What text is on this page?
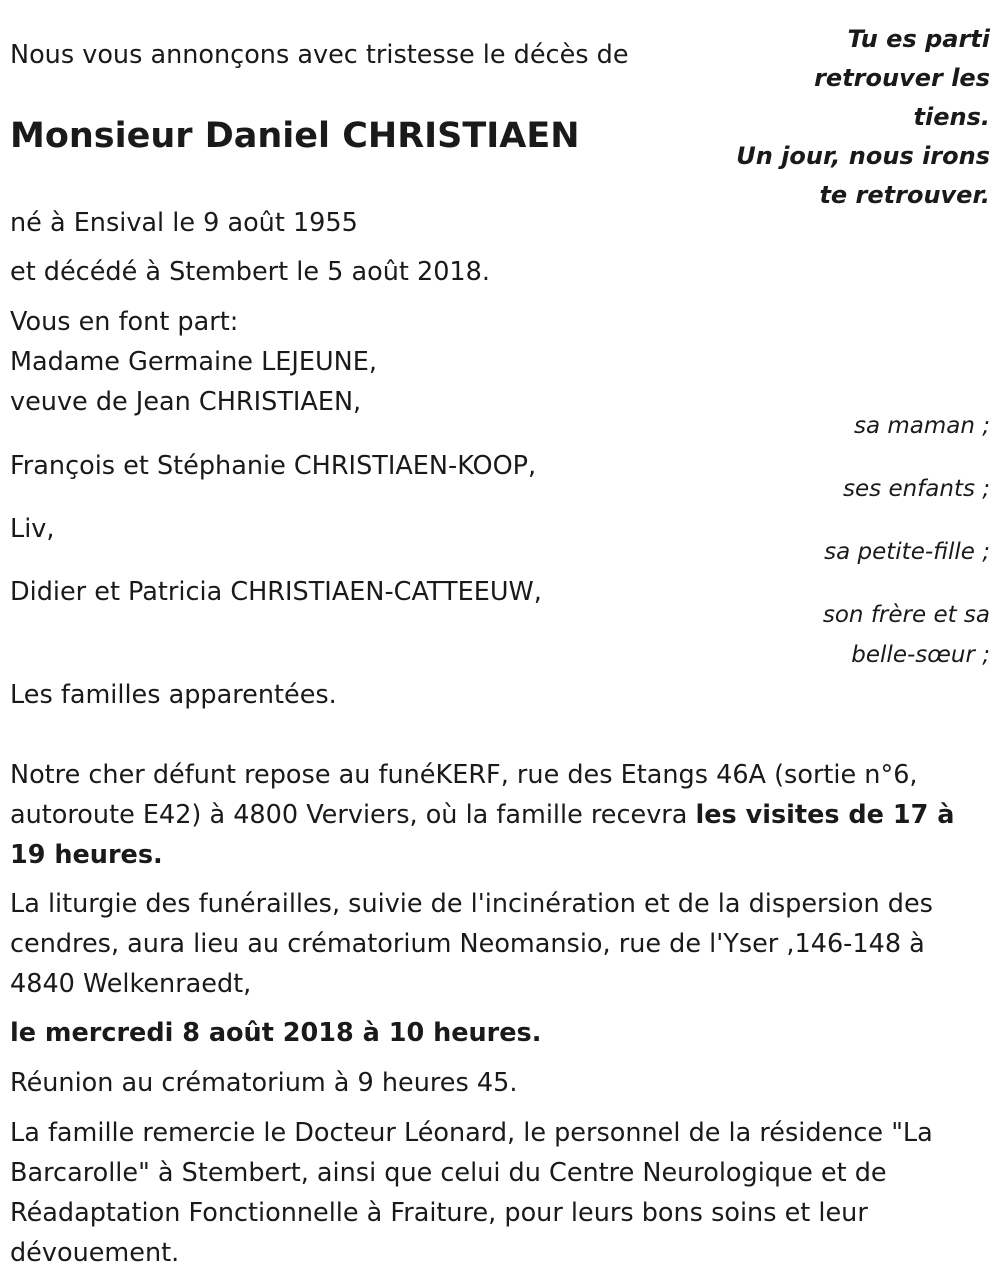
Nous vous annonçons avec tristesse le décès de

Monsieur Daniel CHRISTIAEN

né à Ensival le 9 août 1955

et décédé à Stembert le 5 août 2018.

Tu es parti
retrouver les
tiens.
Un jour, nous irons
te retrouver.

Vous en font part:

Madame Germaine LEJEUNE,

veuve de Jean CHRISTIAEN,

sa maman ;

François et Stéphanie CHRISTIAEN-KOOP,

ses enfants ;

Liv,

sa petite-fille ;

Didier et Patricia CHRISTIAEN-CATTEEUW,

son frère et sa

belle-sœur ;

Les familles apparentées.

Notre cher défunt repose au funéKERF, rue des Etangs 46A (sortie n°6, autoroute E42) à 4800 Verviers, où la famille recevra les visites de 17 à 19 heures.

La liturgie des funérailles, suivie de l'incinération et de la dispersion des cendres, aura lieu au crématorium Neomansio, rue de l'Yser ,146-148 à 4840 Welkenraedt,

le mercredi 8 août 2018 à 10 heures.

Réunion au crématorium à 9 heures 45.

La famille remercie le Docteur Léonard, le personnel de la résidence "La Barcarolle" à Stembert, ainsi que celui du Centre Neurologique et de Réadaptation Fonctionnelle à Fraiture, pour leurs bons soins et leur dévouement.
